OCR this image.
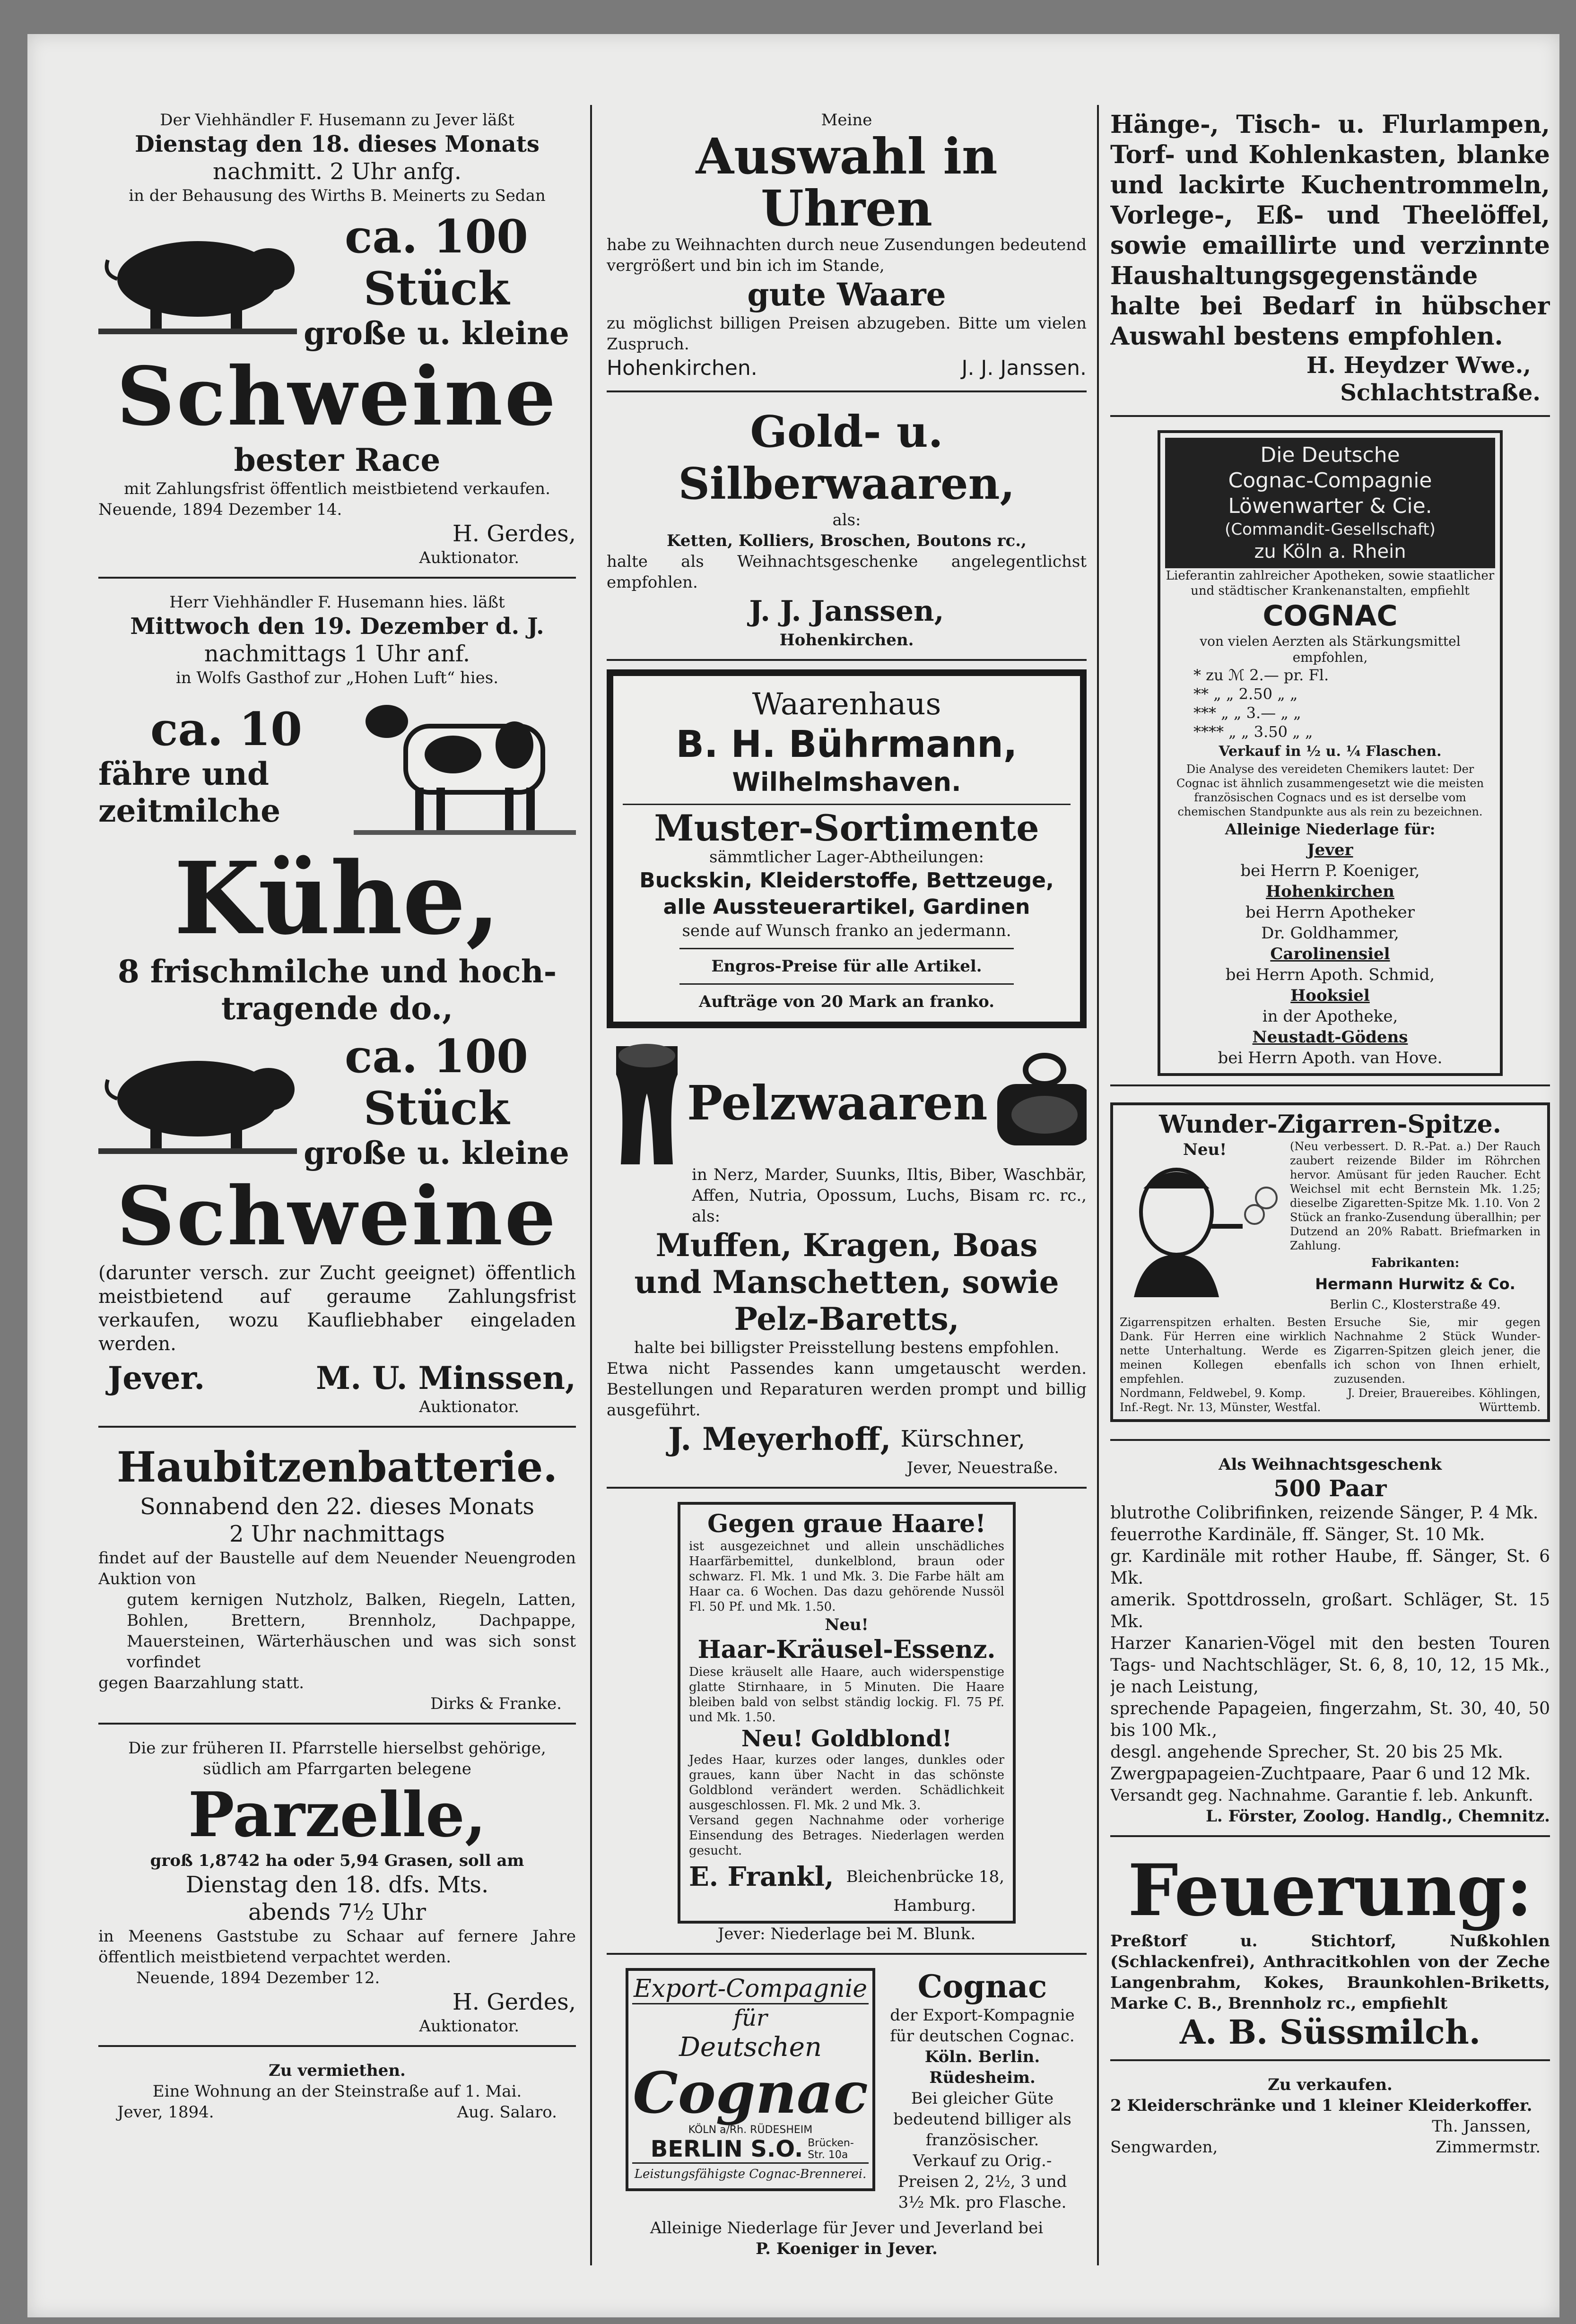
Der Viehhändler F. Husemann zu Jever läßt
Dienstag den 18. dieses Monats
nachmitt. 2 Uhr anfg.
in der Behausung des Wirths B. Meinerts zu Sedan
ca. 100 Stück
große u. kleine
Schweine
bester Race
mit Zahlungsfrist öffentlich meistbietend verkaufen.
Neuende, 1894 Dezember 14.
H. Gerdes,
Auktionator.
Herr Viehhändler F. Husemann hies. läßt
Mittwoch den 19. Dezember d. J.
nachmittags 1 Uhr anf.
in Wolfs Gasthof zur „Hohen Luft“ hies.
ca. 10
fähre und
zeitmilche
Kühe,
8 frischmilche und hoch-
tragende do.,
ca. 100 Stück
große u. kleine
Schweine
(darunter versch. zur Zucht geeignet) öffentlich meistbietend auf geraume Zahlungsfrist verkaufen, wozu Kaufliebhaber eingeladen werden.
Jever.	M. U. Minssen,
Auktionator.
Haubitzenbatterie.
Sonnabend den 22. dieses Monats
2 Uhr nachmittags
findet auf der Baustelle auf dem Neuender Neuengroden Auktion von
gutem kernigen Nutzholz, Balken, Riegeln, Latten, Bohlen, Brettern, Brennholz, Dachpappe, Mauersteinen, Wärterhäuschen und was sich sonst vorfindet
gegen Baarzahlung statt.
Dirks & Franke.
Die zur früheren II. Pfarrstelle hierselbst gehörige, südlich am Pfarrgarten belegene
Parzelle,
groß 1,8742 ha oder 5,94 Grasen, soll am
Dienstag den 18. dfs. Mts.
abends 7½ Uhr
in Meenens Gaststube zu Schaar auf fernere Jahre öffentlich meistbietend verpachtet werden.
Neuende, 1894 Dezember 12.
H. Gerdes,
Auktionator.
Zu vermiethen.
Eine Wohnung an der Steinstraße auf 1. Mai.
Jever, 1894.	Aug. Salaro.
Meine
Auswahl in Uhren
habe zu Weihnachten durch neue Zusendungen bedeutend vergrößert und bin ich im Stande,
gute Waare
zu möglichst billigen Preisen abzugeben. Bitte um vielen Zuspruch.
Hohenkirchen.	J. J. Janssen.
Gold- u. Silberwaaren,
als:
Ketten, Kolliers, Broschen, Boutons rc.,
halte als Weihnachtsgeschenke angelegentlichst empfohlen.
J. J. Janssen,
Hohenkirchen.
Waarenhaus
B. H. Bührmann,
Wilhelmshaven.
Muster-Sortimente
sämmtlicher Lager-Abtheilungen:
Buckskin, Kleiderstoffe, Bettzeuge,
alle Aussteuerartikel, Gardinen
sende auf Wunsch franko an jedermann.
Engros-Preise für alle Artikel.
Aufträge von 20 Mark an franko.
Pelzwaaren
in Nerz, Marder, Suunks, Iltis, Biber, Waschbär, Affen, Nutria, Opossum, Luchs, Bisam rc. rc., als:
Muffen, Kragen, Boas
und Manschetten, sowie
Pelz-Baretts,
halte bei billigster Preisstellung bestens empfohlen.
Etwa nicht Passendes kann umgetauscht werden. Bestellungen und Reparaturen werden prompt und billig ausgeführt.
J. Meyerhoff, Kürschner,
Jever, Neuestraße.
Gegen graue Haare!
ist ausgezeichnet und allein unschädliches Haarfärbemittel, dunkelblond, braun oder schwarz. Fl. Mk. 1 und Mk. 3. Die Farbe hält am Haar ca. 6 Wochen. Das dazu gehörende Nussöl Fl. 50 Pf. und Mk. 1.50.
Neu!
Haar-Kräusel-Essenz.
Diese kräuselt alle Haare, auch widerspenstige glatte Stirnhaare, in 5 Minuten. Die Haare bleiben bald von selbst ständig lockig. Fl. 75 Pf. und Mk. 1.50.
Neu! Goldblond!
Jedes Haar, kurzes oder langes, dunkles oder graues, kann über Nacht in das schönste Goldblond verändert werden. Schädlichkeit ausgeschlossen. Fl. Mk. 2 und Mk. 3.
Versand gegen Nachnahme oder vorherige Einsendung des Betrages. Niederlagen werden gesucht.
E. Frankl, Bleichenbrücke 18,
Hamburg.
Jever: Niederlage bei M. Blunk.
Export-Compagnie
für
Deutschen
Cognac
KÖLN a/Rh. RÜDESHEIM
BERLIN S.O. Brücken-Str. 10a
Leistungsfähigste Cognac-Brennerei.
Cognac
der Export-Kompagnie für deutschen Cognac.
Köln. Berlin.
Rüdesheim.
Bei gleicher Güte bedeutend billiger als französischer.
Verkauf zu Orig.-Preisen 2, 2½, 3 und 3½ Mk. pro Flasche.
Alleinige Niederlage für Jever und Jeverland bei
P. Koeniger in Jever.
Hänge-, Tisch- u. Flurlampen, Torf- und Kohlenkasten, blanke und lackirte Kuchentrommeln, Vorlege-, Eß- und Theelöffel, sowie emaillirte und verzinnte Haushaltungsgegenstände halte bei Bedarf in hübscher Auswahl bestens empfohlen.
H. Heydzer Wwe.,
Schlachtstraße.
Die Deutsche
Cognac-Compagnie
Löwenwarter & Cie.
(Commandit-Gesellschaft)
zu Köln a. Rhein
Lieferantin zahlreicher Apotheken, sowie staatlicher und städtischer Krankenanstalten, empfiehlt
COGNAC
von vielen Aerzten als Stärkungsmittel empfohlen,
* zu ℳ 2.— pr. Fl.
** „ „ 2.50 „ „
*** „ „ 3.— „ „
**** „ „ 3.50 „ „
Verkauf in ½ u. ¼ Flaschen.
Die Analyse des vereideten Chemikers lautet: Der Cognac ist ähnlich zusammengesetzt wie die meisten französischen Cognacs und es ist derselbe vom chemischen Standpunkte aus als rein zu bezeichnen.
Alleinige Niederlage für:
Jever
bei Herrn P. Koeniger,
Hohenkirchen
bei Herrn Apotheker
Dr. Goldhammer,
Carolinensiel
bei Herrn Apoth. Schmid,
Hooksiel
in der Apotheke,
Neustadt-Gödens
bei Herrn Apoth. van Hove.
Wunder-Zigarren-Spitze.
Neu!	(Neu verbessert. D. R.-Pat. a.) Der Rauch zaubert reizende Bilder im Röhrchen hervor. Amüsant für jeden Raucher. Echt Weichsel mit echt Bernstein Mk. 1.25; dieselbe Zigaretten-Spitze Mk. 1.10. Von 2 Stück an franko-Zusendung überallhin; per Dutzend an 20% Rabatt. Briefmarken in Zahlung.
Fabrikanten:
Hermann Hurwitz & Co.
Berlin C., Klosterstraße 49.
Zigarrenspitzen erhalten. Besten Dank. Für Herren eine wirklich nette Unterhaltung. Werde es meinen Kollegen ebenfalls empfehlen.
Nordmann, Feldwebel, 9. Komp. Inf.-Regt. Nr. 13, Münster, Westfal.
Ersuche Sie, mir gegen Nachnahme 2 Stück Wunder-Zigarren-Spitzen gleich jener, die ich schon von Ihnen erhielt, zuzusenden.
J. Dreier, Brauereibes. Köhlingen, Württemb.
Als Weihnachtsgeschenk
500 Paar
blutrothe Colibrifinken, reizende Sänger, P. 4 Mk.
feuerrothe Kardinäle, ff. Sänger, St. 10 Mk.
gr. Kardinäle mit rother Haube, ff. Sänger, St. 6 Mk.
amerik. Spottdrosseln, großart. Schläger, St. 15 Mk.
Harzer Kanarien-Vögel mit den besten Touren Tags- und Nachtschläger, St. 6, 8, 10, 12, 15 Mk., je nach Leistung,
sprechende Papageien, fingerzahm, St. 30, 40, 50 bis 100 Mk.,
desgl. angehende Sprecher, St. 20 bis 25 Mk.
Zwergpapageien-Zuchtpaare, Paar 6 und 12 Mk.
Versandt geg. Nachnahme. Garantie f. leb. Ankunft.
L. Förster, Zoolog. Handlg., Chemnitz.
Feuerung:
Preßtorf u. Stichtorf, Nußkohlen (Schlackenfrei), Anthracitkohlen von der Zeche Langenbrahm, Kokes, Braunkohlen-Briketts, Marke C. B., Brennholz rc., empfiehlt
A. B. Süssmilch.
Zu verkaufen.
2 Kleiderschränke und 1 kleiner Kleiderkoffer.
Th. Janssen,
Sengwarden,	Zimmermstr.
